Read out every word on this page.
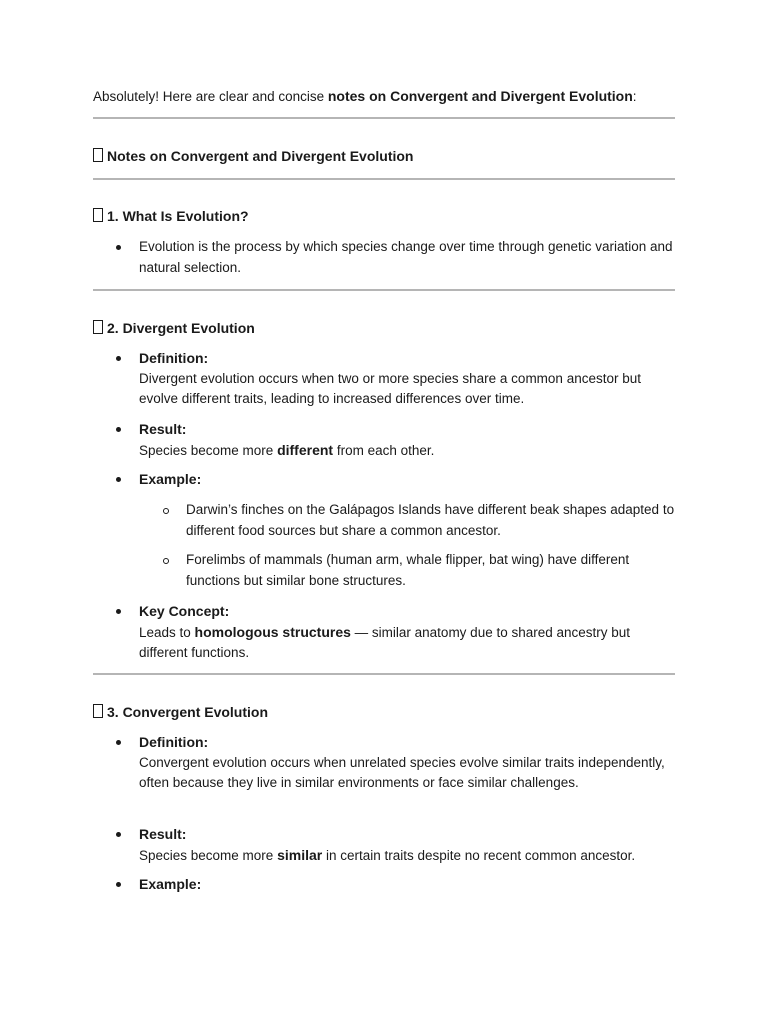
Absolutely! Here are clear and concise notes on Convergent and Divergent Evolution:
Notes on Convergent and Divergent Evolution
1. What Is Evolution?
Evolution is the process by which species change over time through genetic variation and natural selection.
2. Divergent Evolution
Definition:
Divergent evolution occurs when two or more species share a common ancestor but evolve different traits, leading to increased differences over time.
Result:
Species become more different from each other.
Example:
Darwin’s finches on the Galápagos Islands have different beak shapes adapted to different food sources but share a common ancestor.
Forelimbs of mammals (human arm, whale flipper, bat wing) have different functions but similar bone structures.
Key Concept:
Leads to homologous structures — similar anatomy due to shared ancestry but different functions.
3. Convergent Evolution
Definition:
Convergent evolution occurs when unrelated species evolve similar traits independently, often because they live in similar environments or face similar challenges.
Result:
Species become more similar in certain traits despite no recent common ancestor.
Example:
